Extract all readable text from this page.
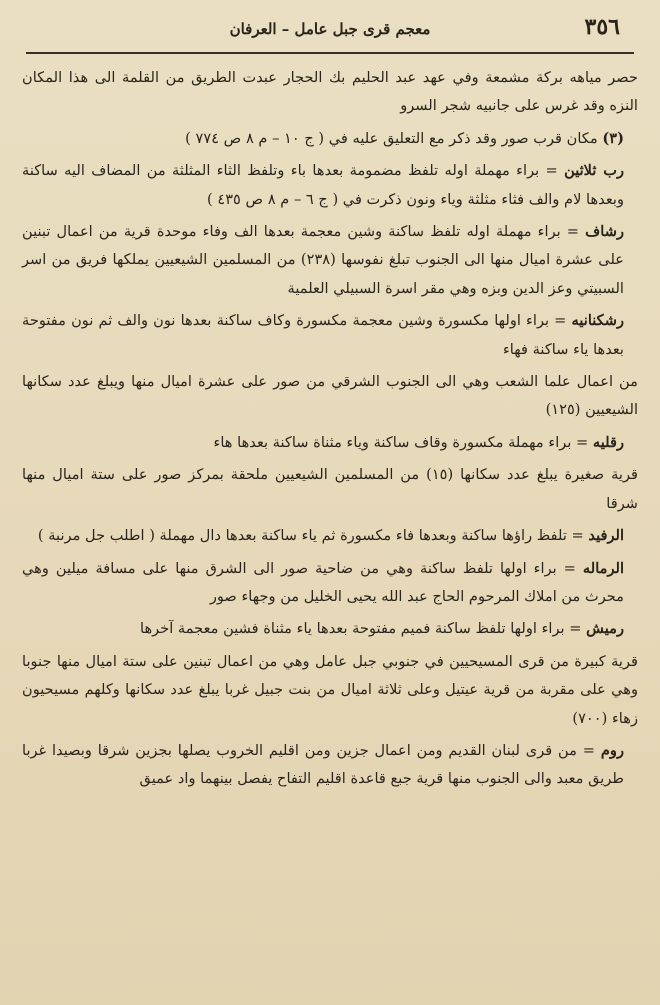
٣٥٦
معجم قرى جبل عامل – العرفان

حصر مياهه بركة مشمعة وفي عهد عبد الحليم بك الحجار عبدت الطريق من القلمة الى هذا المكان النزه وقد غرس على جانبيه شجر السرو

(٣) مكان قرب صور وقد ذكر مع التعليق عليه في ( ج ١٠ – م ٨ ص ٧٧٤ )

رب ثلاثين = براء مهملة اوله تلفظ مضمومة بعدها باء وتلفظ الثاء المثلثة من المضاف اليه ساكنة وبعدها لام والف فثاء مثلثة وياء ونون ذكرت في ( ج ٦ – م ٨ ص ٤٣٥ )

رشاف = براء مهملة اوله تلفظ ساكنة وشين معجمة بعدها الف وفاء موحدة قرية من اعمال تبنين على عشرة اميال منها الى الجنوب تبلغ نفوسها (٢٣٨) من المسلمين الشيعيين يملكها فريق من اسر السبيتي وعز الدين وبزه وهي مقر اسرة السبيلي العلمية

رشكنانيه = براء اولها مكسورة وشين معجمة مكسورة وكاف ساكنة بعدها نون والف ثم نون مفتوحة بعدها ياء ساكنة فهاء

من اعمال علما الشعب وهي الى الجنوب الشرقي من صور على عشرة اميال منها ويبلغ عدد سكانها الشيعيين (١٢٥)

رقليه = براء مهملة مكسورة وقاف ساكنة وياء مثناة ساكنة بعدها هاء

قرية صغيرة يبلغ عدد سكانها (١٥) من المسلمين الشيعيين ملحقة بمركز صور على ستة اميال منها شرقا

الرفيد = تلفظ راؤها ساكنة وبعدها فاء مكسورة ثم ياء ساكنة بعدها دال مهملة ( اطلب جل مرنبة )

الرماله = براء اولها تلفظ ساكنة وهي من ضاحية صور الى الشرق منها على مسافة ميلين وهي محرث من املاك المرحوم الحاج عبد الله يحيى الخليل من وجهاء صور

رميش = براء اولها تلفظ ساكنة فميم مفتوحة بعدها ياء مثناة فشين معجمة آخرها

قرية كبيرة من قرى المسيحيين في جنوبي جبل عامل وهي من اعمال تبنين على ستة اميال منها جنوبا وهي على مقربة من قرية عيتيل وعلى ثلاثة اميال من بنت جبيل غربا يبلغ عدد سكانها وكلهم مسيحيون زهاء (٧٠٠)

روم = من قرى لبنان القديم ومن اعمال جزين ومن اقليم الخروب يصلها بجزين شرقا وبصيدا غربا طريق معبد والى الجنوب منها قرية جبع قاعدة اقليم التفاح يفصل بينهما واد عميق
